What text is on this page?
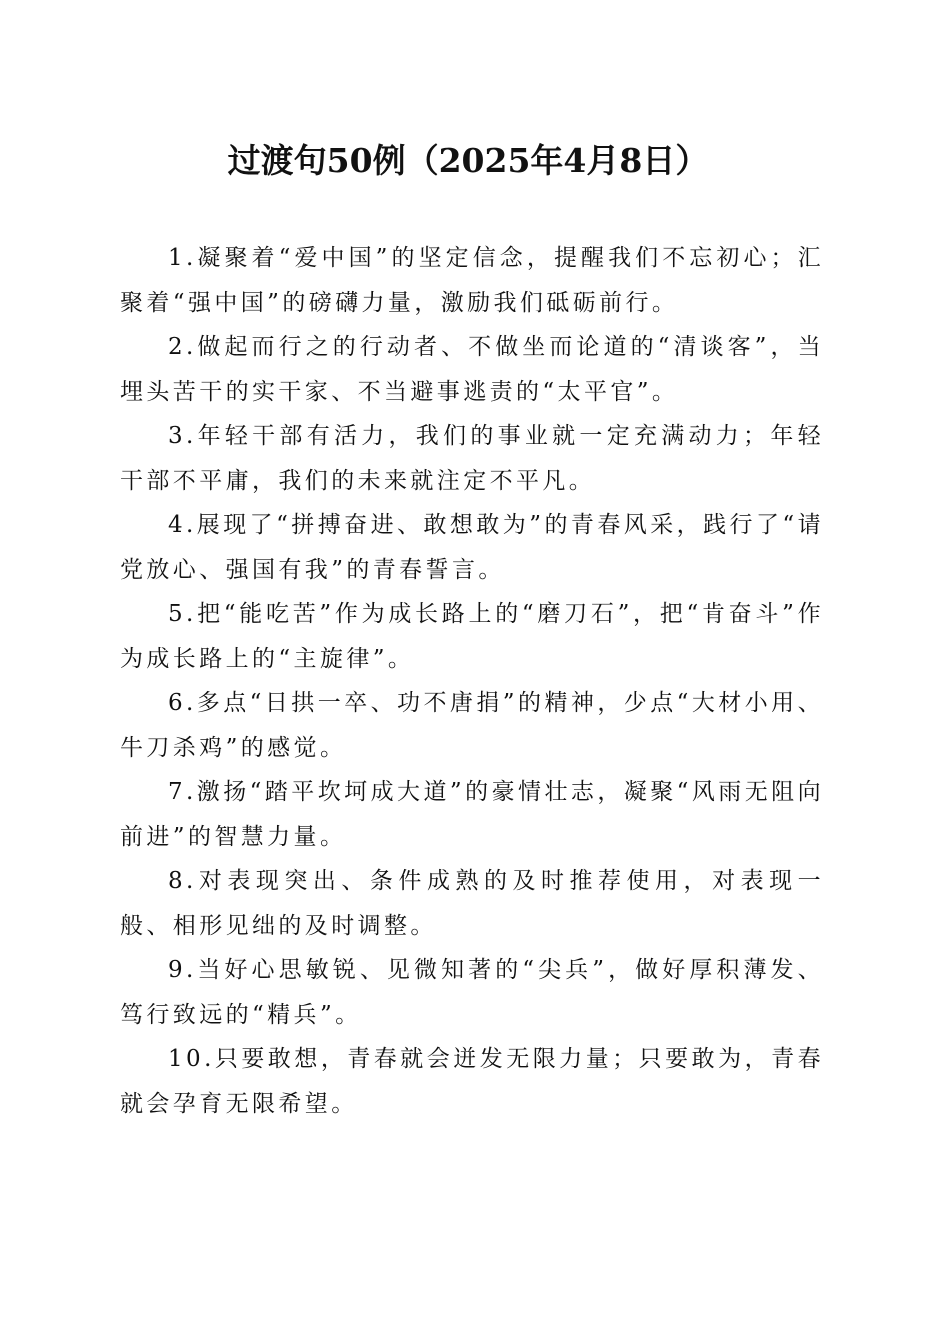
过渡句50例（2025年4月8日）

1.凝聚着“爱中国”的坚定信念，提醒我们不忘初心；汇聚着“强中国”的磅礴力量，激励我们砥砺前行。

2.做起而行之的行动者、不做坐而论道的“清谈客”，当埋头苦干的实干家、不当避事逃责的“太平官”。

3.年轻干部有活力，我们的事业就一定充满动力；年轻干部不平庸，我们的未来就注定不平凡。

4.展现了“拼搏奋进、敢想敢为”的青春风采，践行了“请党放心、强国有我”的青春誓言。

5.把“能吃苦”作为成长路上的“磨刀石”，把“肯奋斗”作为成长路上的“主旋律”。

6.多点“日拱一卒、功不唐捐”的精神，少点“大材小用、牛刀杀鸡”的感觉。

7.激扬“踏平坎坷成大道”的豪情壮志，凝聚“风雨无阻向前进”的智慧力量。

8.对表现突出、条件成熟的及时推荐使用，对表现一般、相形见绌的及时调整。

9.当好心思敏锐、见微知著的“尖兵”，做好厚积薄发、笃行致远的“精兵”。

10.只要敢想，青春就会迸发无限力量；只要敢为，青春就会孕育无限希望。
